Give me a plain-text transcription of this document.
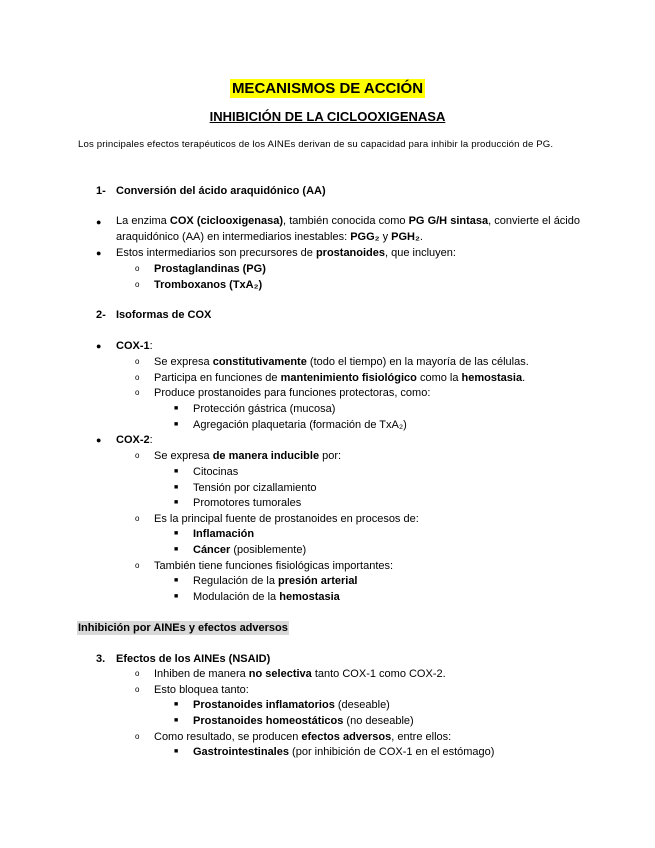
MECANISMOS DE ACCIÓN
INHIBICIÓN DE LA CICLOOXIGENASA
Los principales efectos terapéuticos de los AINEs derivan de su capacidad para inhibir la producción de PG.
1- Conversión del ácido araquidónico (AA)
● La enzima COX (ciclooxigenasa), también conocida como PG G/H sintasa, convierte el ácido araquidónico (AA) en intermediarios inestables: PGG₂ y PGH₂.
● Estos intermediarios son precursores de prostanoides, que incluyen:
o Prostaglandinas (PG)
o Tromboxanos (TxA₂)
2- Isoformas de COX
● COX-1:
o Se expresa constitutivamente (todo el tiempo) en la mayoría de las células.
o Participa en funciones de mantenimiento fisiológico como la hemostasia.
o Produce prostanoides para funciones protectoras, como:
■ Protección gástrica (mucosa)
■ Agregación plaquetaria (formación de TxA₂)
● COX-2:
o Se expresa de manera inducible por:
■ Citocinas
■ Tensión por cizallamiento
■ Promotores tumorales
o Es la principal fuente de prostanoides en procesos de:
■ Inflamación
■ Cáncer (posiblemente)
o También tiene funciones fisiológicas importantes:
■ Regulación de la presión arterial
■ Modulación de la hemostasia
Inhibición por AINEs y efectos adversos
3. Efectos de los AINEs (NSAID)
o Inhiben de manera no selectiva tanto COX-1 como COX-2.
o Esto bloquea tanto:
■ Prostanoides inflamatorios (deseable)
■ Prostanoides homeostáticos (no deseable)
o Como resultado, se producen efectos adversos, entre ellos:
■ Gastrointestinales (por inhibición de COX-1 en el estómago)
